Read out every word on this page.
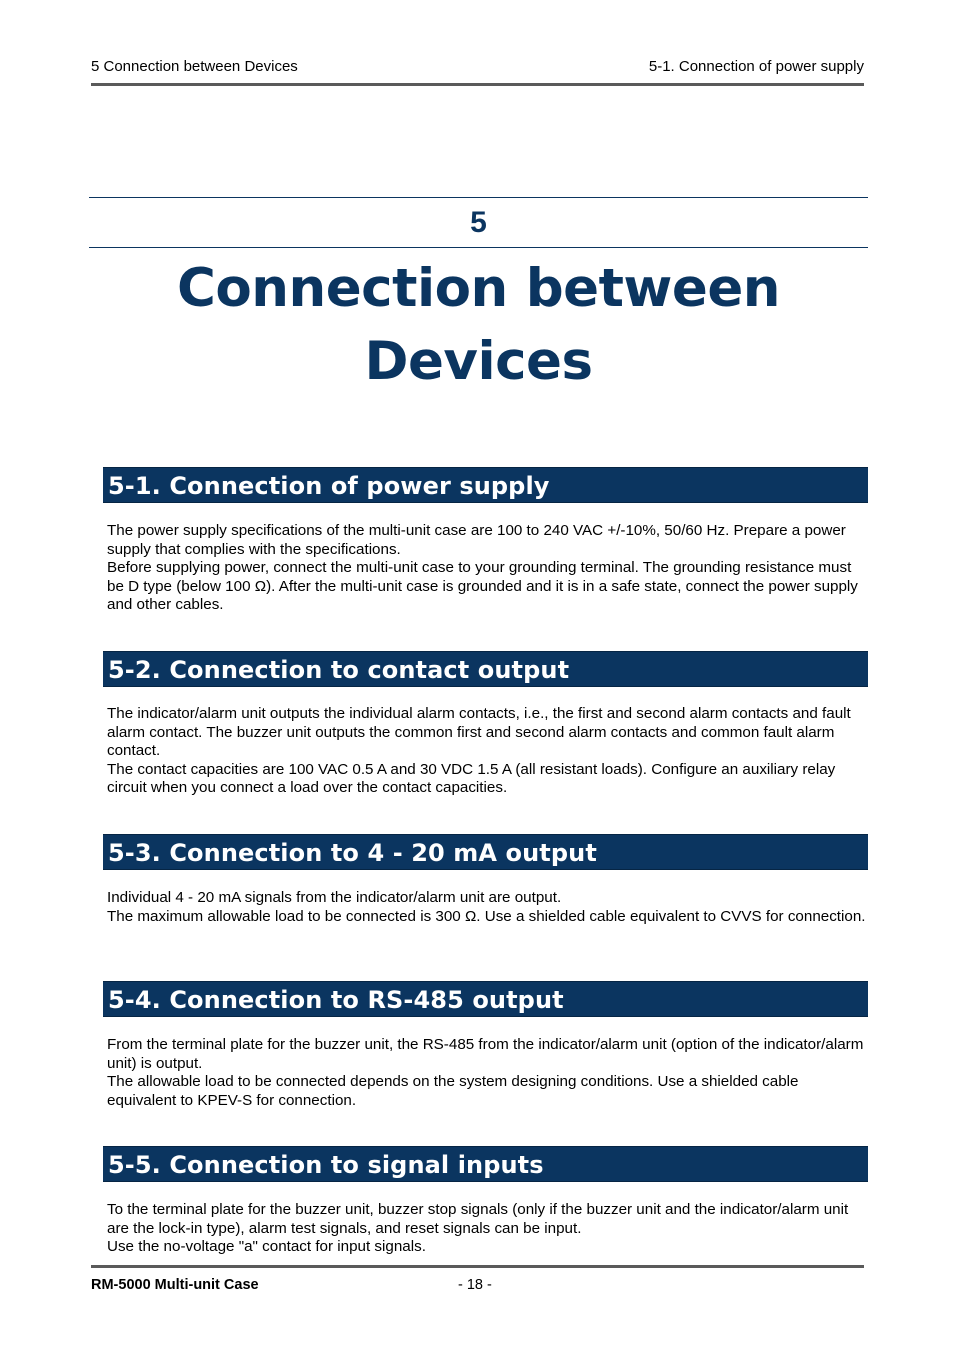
5 Connection between Devices	5-1. Connection of power supply
5
Connection between
Devices
5-1. Connection of power supply

The power supply specifications of the multi-unit case are 100 to 240 VAC +/-10%, 50/60 Hz. Prepare a power supply that complies with the specifications.

Before supplying power, connect the multi-unit case to your grounding terminal. The grounding resistance must be D type (below 100 Ω). After the multi-unit case is grounded and it is in a safe state, connect the power supply and other cables.

5-2. Connection to contact output

The indicator/alarm unit outputs the individual alarm contacts, i.e., the first and second alarm contacts and fault alarm contact. The buzzer unit outputs the common first and second alarm contacts and common fault alarm contact.

The contact capacities are 100 VAC 0.5 A and 30 VDC 1.5 A (all resistant loads). Configure an auxiliary relay circuit when you connect a load over the contact capacities.

5-3. Connection to 4 - 20 mA output

Individual 4 - 20 mA signals from the indicator/alarm unit are output.

The maximum allowable load to be connected is 300 Ω. Use a shielded cable equivalent to CVVS for connection.

5-4. Connection to RS-485 output

From the terminal plate for the buzzer unit, the RS-485 from the indicator/alarm unit (option of the indicator/alarm unit) is output.

The allowable load to be connected depends on the system designing conditions. Use a shielded cable equivalent to KPEV-S for connection.

5-5. Connection to signal inputs

To the terminal plate for the buzzer unit, buzzer stop signals (only if the buzzer unit and the indicator/alarm unit are the lock-in type), alarm test signals, and reset signals can be input.

Use the no-voltage "a" contact for input signals.

RM-5000 Multi-unit Case	- 18 -
